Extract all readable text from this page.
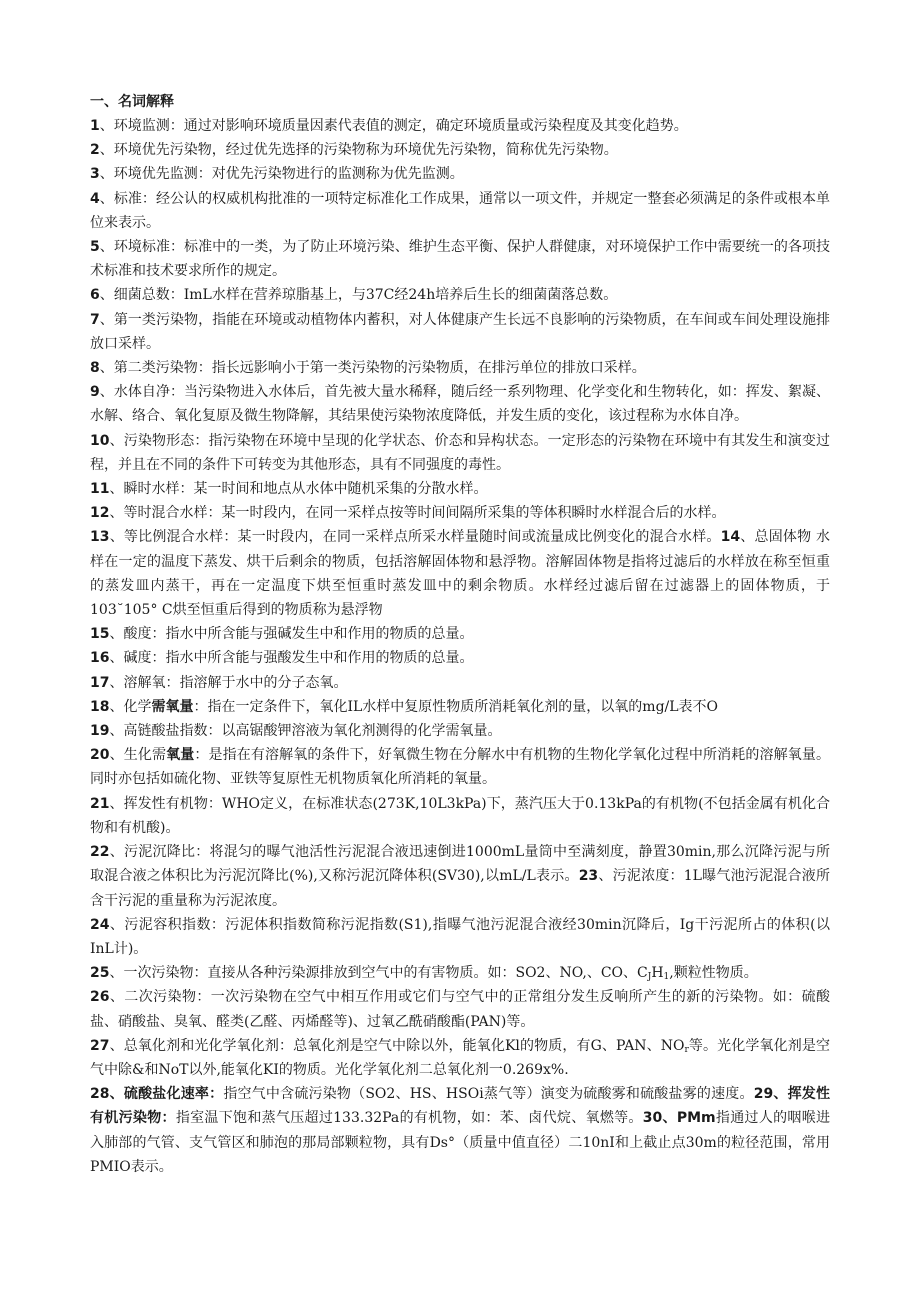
一、名词解释

1、环境监测：通过对影响环境质量因素代表值的测定，确定环境质量或污染程度及其变化趋势。

2、环境优先污染物，经过优先选择的污染物称为环境优先污染物，简称优先污染物。

3、环境优先监测：对优先污染物进行的监测称为优先监测。

4、标准：经公认的权威机构批准的一项特定标准化工作成果，通常以一项文件，并规定一整套必须满足的条件或根本单位来表示。

5、环境标准：标准中的一类，为了防止环境污染、维护生态平衡、保护人群健康，对环境保护工作中需要统一的各项技术标准和技术要求所作的规定。

6、细菌总数：ImL水样在营养琼脂基上，与37C经24h培养后生长的细菌菌落总数。

7、第一类污染物，指能在环境或动植物体内蓄积，对人体健康产生长远不良影响的污染物质，在车间或车间处理设施排放口采样。

8、第二类污染物：指长远影响小于第一类污染物的污染物质，在排污单位的排放口采样。

9、水体自净：当污染物进入水体后，首先被大量水稀释，随后经一系列物理、化学变化和生物转化，如：挥发、絮凝、水解、络合、氧化复原及微生物降解，其结果使污染物浓度降低，并发生质的变化，该过程称为水体自净。

10、污染物形态：指污染物在环境中呈现的化学状态、价态和异构状态。一定形态的污染物在环境中有其发生和演变过程，并且在不同的条件下可转变为其他形态，具有不同强度的毒性。

11、瞬时水样：某一时间和地点从水体中随机采集的分散水样。

12、等时混合水样：某一时段内，在同一采样点按等时间间隔所采集的等体积瞬时水样混合后的水样。

13、等比例混合水样：某一时段内，在同一采样点所采水样量随时间或流量成比例变化的混合水样。14、总固体物 水样在一定的温度下蒸发、烘干后剩余的物质，包括溶解固体物和悬浮物。溶解固体物是指将过滤后的水样放在称至恒重的蒸发皿内蒸干，再在一定温度下烘至恒重时蒸发皿中的剩余物质。水样经过滤后留在过滤器上的固体物质，于103˘105° C烘至恒重后得到的物质称为悬浮物

15、酸度：指水中所含能与强碱发生中和作用的物质的总量。

16、碱度：指水中所含能与强酸发生中和作用的物质的总量。

17、溶解氧：指溶解于水中的分子态氧。

18、化学需氧量：指在一定条件下，氧化IL水样中复原性物质所消耗氧化剂的量，以氧的mg/L表不O

19、高链酸盐指数：以高锯酸钾溶液为氧化剂测得的化学需氧量。

20、生化需氧量：是指在有溶解氧的条件下，好氧微生物在分解水中有机物的生物化学氧化过程中所消耗的溶解氧量。同时亦包括如硫化物、亚铁等复原性无机物质氧化所消耗的氧量。

21、挥发性有机物：WHO定义，在标准状态(273K,10L3kPa)下，蒸汽压大于0.13kPa的有机物(不包括金属有机化合物和有机酸)。

22、污泥沉降比：将混匀的曝气池活性污泥混合液迅速倒进1000mL量筒中至满刻度，静置30min,那么沉降污泥与所取混合液之体积比为污泥沉降比(%),又称污泥沉降体积(SV30),以mL/L表示。23、污泥浓度：1L曝气池污泥混合液所含干污泥的重量称为污泥浓度。

24、污泥容积指数：污泥体积指数简称污泥指数(S1),指曝气池污泥混合液经30min沉降后，Ig干污泥所占的体积(以InL计)。

25、一次污染物：直接从各种污染源排放到空气中的有害物质。如：SO2、NO,、CO、$C_JH_1$,颗粒性物质。

26、二次污染物：一次污染物在空气中相互作用或它们与空气中的正常组分发生反响所产生的新的污染物。如：硫酸盐、硝酸盐、臭氧、醛类(乙醛、丙烯醛等)、过氧乙酰硝酸酯(PAN)等。

27、总氧化剂和光化学氧化剂：总氧化剂是空气中除以外，能氧化Kl的物质，有G、PAN、$NO_r$等。光化学氧化剂是空气中除&和NoT以外,能氧化KI的物质。光化学氧化剂二总氧化剂一0.269x%.

28、硫酸盐化速率：指空气中含硫污染物（SO2、HS、HSOi蒸气等）演变为硫酸雾和硫酸盐雾的速度。29、挥发性有机污染物：指室温下饱和蒸气压超过133.32Pa的有机物，如：苯、卤代烷、氧燃等。30、PMm指通过人的咽喉进入肺部的气管、支气管区和肺泡的那局部颗粒物，具有Ds°（质量中值直径）二10nI和上截止点30m的粒径范围，常用PMIO表示。
